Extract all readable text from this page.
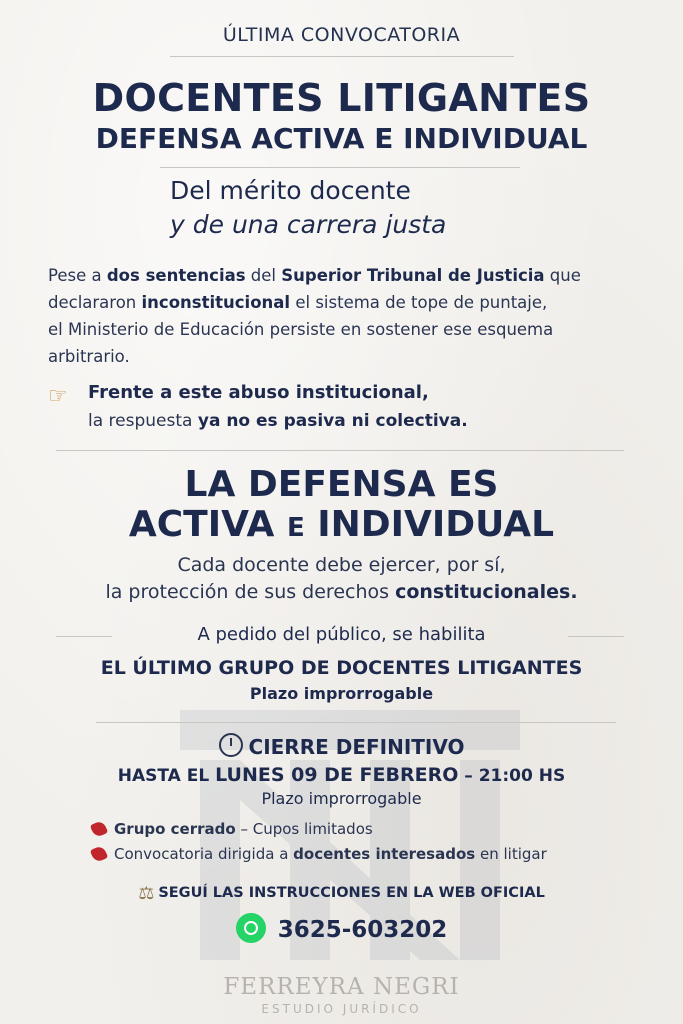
ÚLTIMA CONVOCATORIA
DOCENTES LITIGANTES
DEFENSA ACTIVA E INDIVIDUAL
Del mérito docente
y de una carrera justa
Pese a dos sentencias del Superior Tribunal de Justicia que
declararon inconstitucional el sistema de tope de puntaje,
el Ministerio de Educación persiste en sostener ese esquema
arbitrario.
☞ Frente a este abuso institucional,
la respuesta ya no es pasiva ni colectiva.
LA DEFENSA ES
ACTIVA E INDIVIDUAL
Cada docente debe ejercer, por sí,
la protección de sus derechos constitucionales.
A pedido del público, se habilita
EL ÚLTIMO GRUPO DE DOCENTES LITIGANTES
Plazo improrrogable
CIERRE DEFINITIVO
HASTA EL LUNES 09 DE FEBRERO – 21:00 HS
Plazo improrrogable
Grupo cerrado – Cupos limitados
Convocatoria dirigida a docentes interesados en litigar
⚖ SEGUÍ LAS INSTRUCCIONES EN LA WEB OFICIAL
3625-603202
FERREYRA NEGRI
ESTUDIO JURÍDICO
